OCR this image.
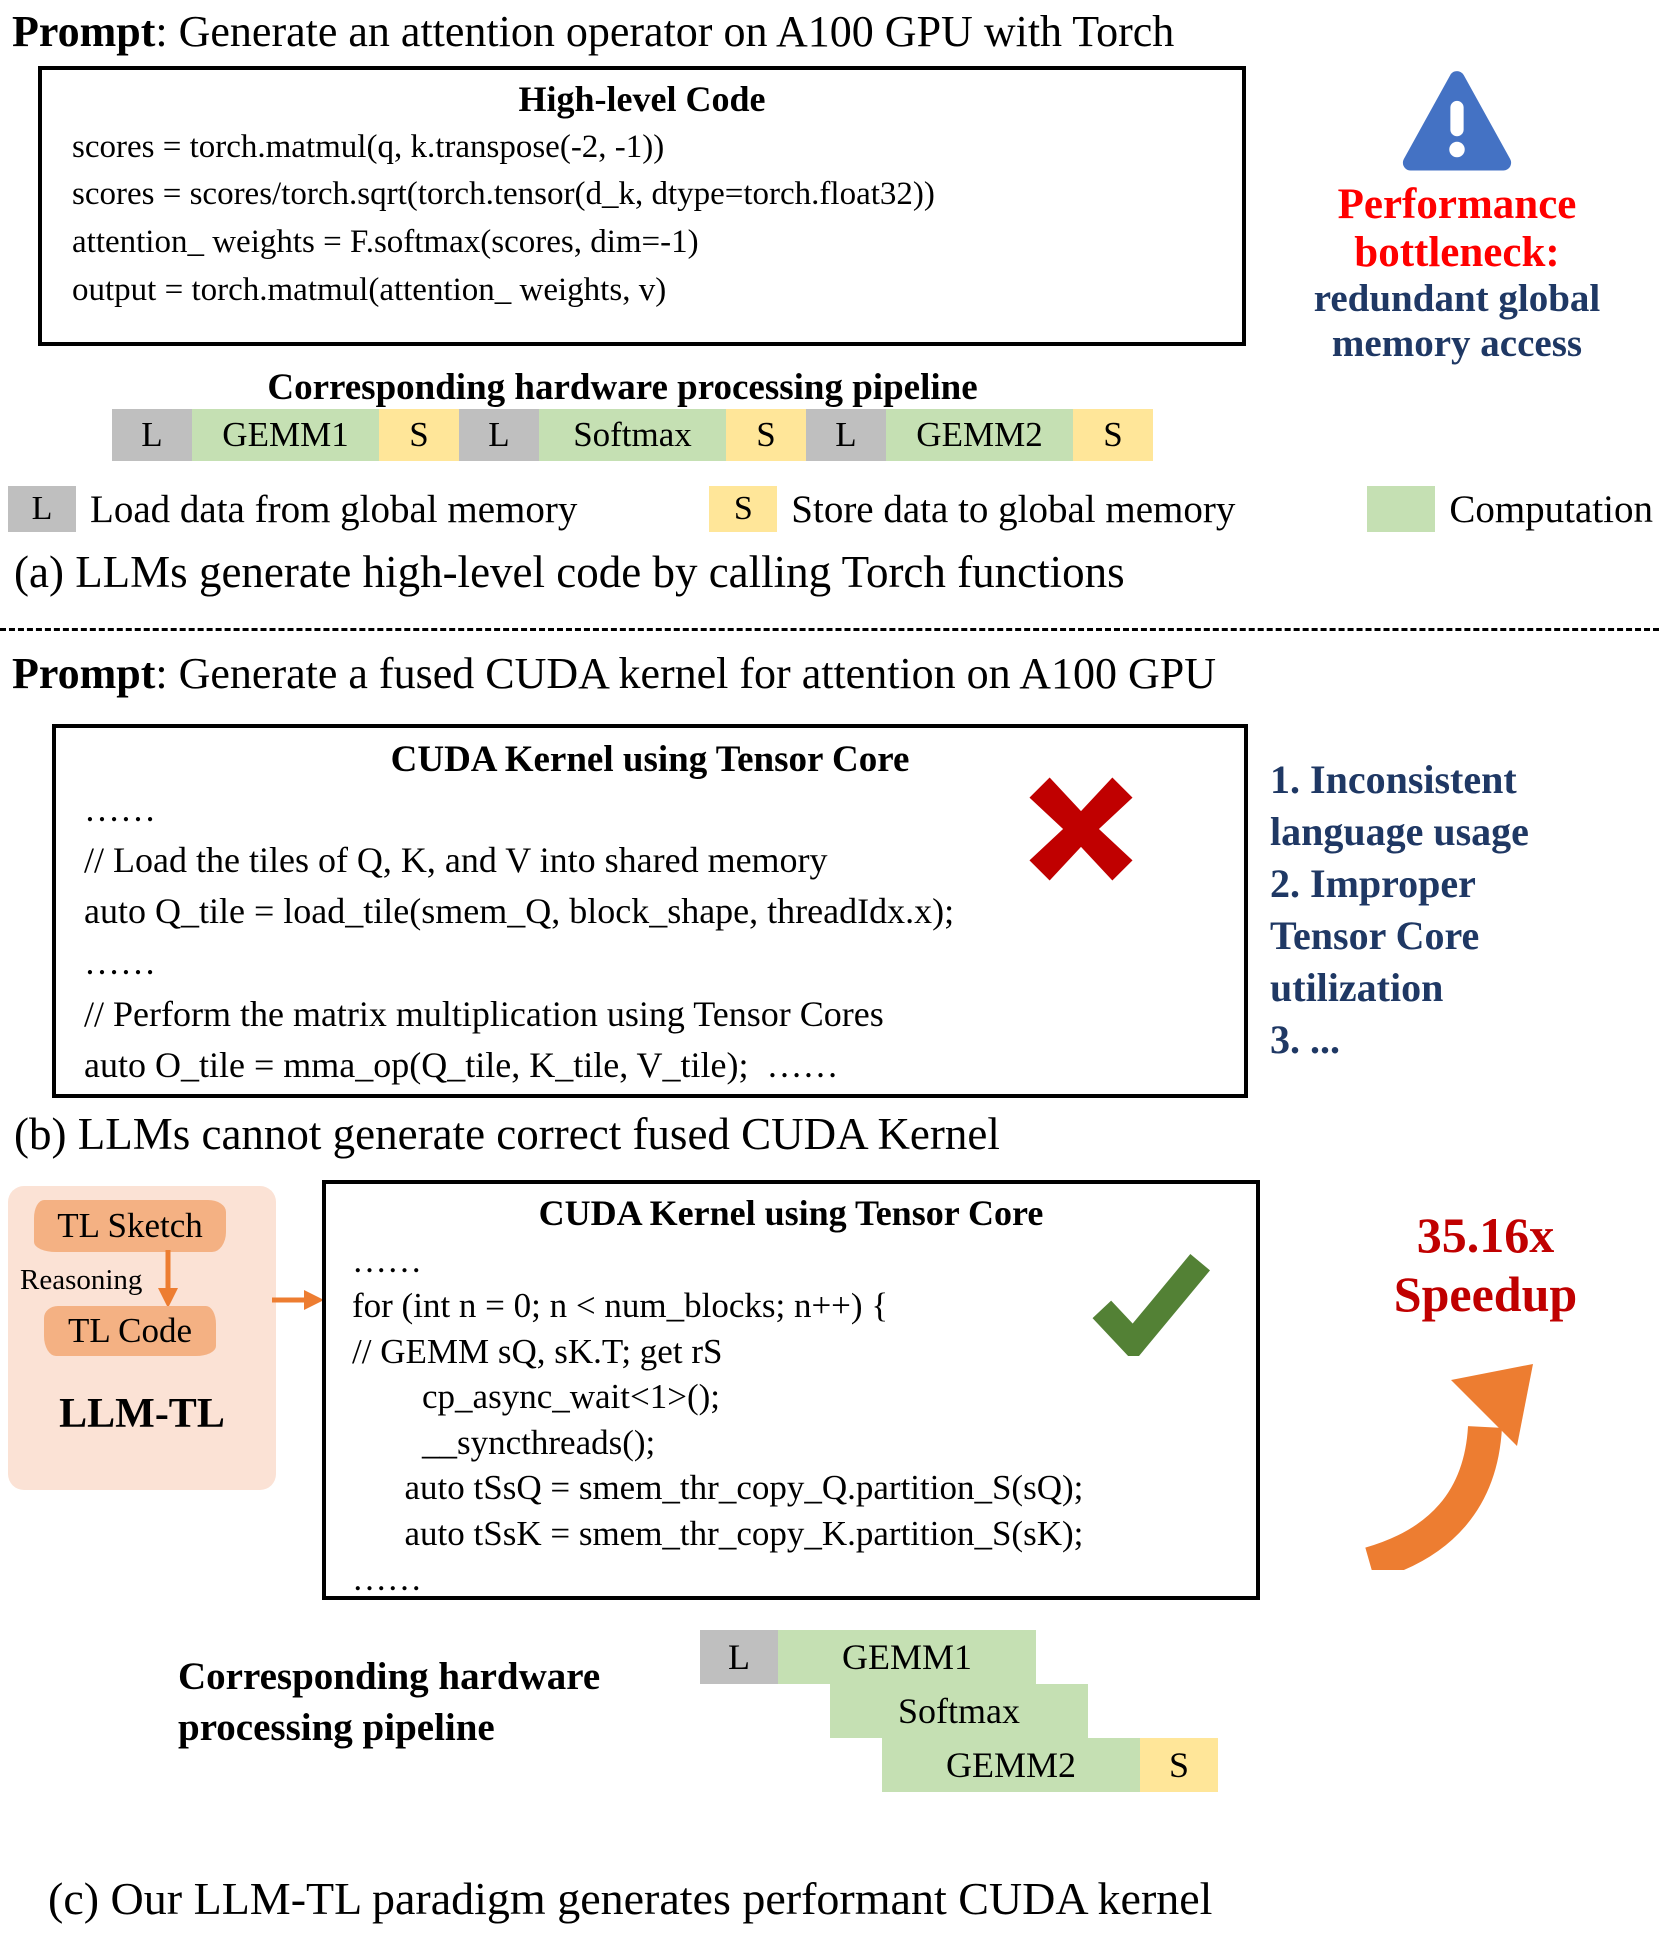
Prompt: Generate an attention operator on A100 GPU with Torch
High-level Code
scores = torch.matmul(q, k.transpose(-2, -1))
scores = scores/torch.sqrt(torch.tensor(d_k, dtype=torch.float32))
attention_ weights = F.softmax(scores, dim=-1)
output = torch.matmul(attention_ weights, v)
Performance
bottleneck:
redundant global
memory access
Corresponding hardware processing pipeline
L	GEMM1	S	L	Softmax	S	L	GEMM2	S
L Load data from global memory	S Store data to global memory	Computation
(a) LLMs generate high-level code by calling Torch functions
Prompt: Generate a fused CUDA kernel for attention on A100 GPU
CUDA Kernel using Tensor Core
……
// Load the tiles of Q, K, and V into shared memory
auto Q_tile = load_tile(smem_Q, block_shape, threadIdx.x);
……
// Perform the matrix multiplication using Tensor Cores
auto O_tile = mma_op(Q_tile, K_tile, V_tile);  ……
1. Inconsistent
language usage
2. Improper
Tensor Core
utilization
3. ...
(b) LLMs cannot generate correct fused CUDA Kernel
TL Sketch
Reasoning
TL Code
LLM-TL
CUDA Kernel using Tensor Core
……
for (int n = 0; n < num_blocks; n++) {
// GEMM sQ, sK.T; get rS
cp_async_wait<1>();
__syncthreads();
auto tSsQ = smem_thr_copy_Q.partition_S(sQ);
auto tSsK = smem_thr_copy_K.partition_S(sK);
……
35.16x
Speedup
Corresponding hardware
processing pipeline
L	GEMM1
Softmax
GEMM2	S
(c) Our LLM-TL paradigm generates performant CUDA kernel
